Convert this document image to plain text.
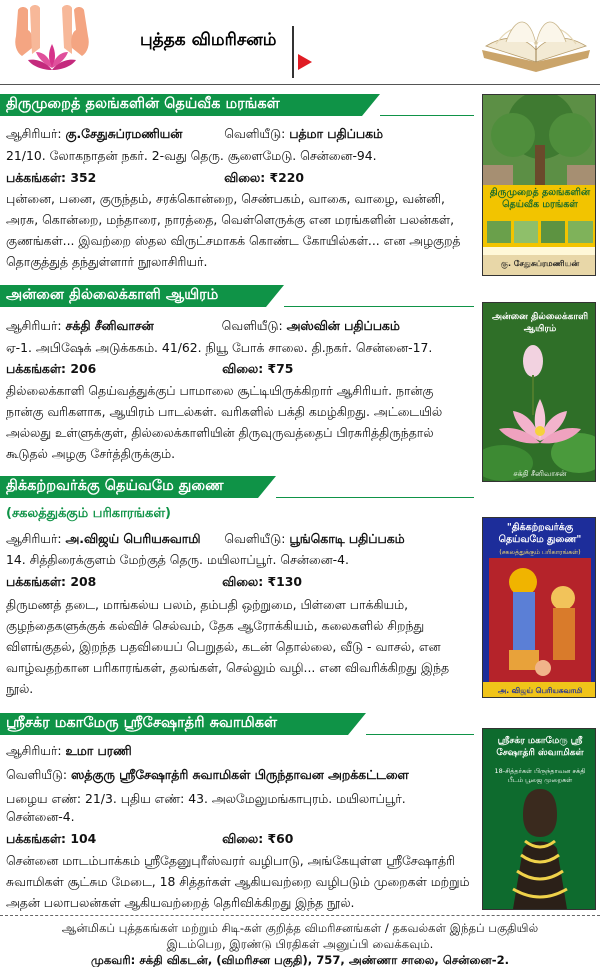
புத்தக விமரிசனம்
திருமுறைத் தலங்களின் தெய்வீக மரங்கள்
ஆசிரியர்: கு.சேதுசுப்ரமணியன்	வெளியீடு: பத்மா பதிப்பகம்
21/10. லோகநாதன் நகர். 2-வது தெரு. சூளைமேடு. சென்னை-94.
பக்கங்கள்: 352	விலை: ₹220
புன்னை, பனை, குருந்தம், சரக்கொன்றை, செண்பகம், வாகை, வாழை, வன்னி, அரசு, கொன்றை, மந்தாரை, நாரத்தை, வெள்ளெருக்கு என மரங்களின் பலன்கள், குணங்கள்... இவற்றை ஸ்தல விருட்சமாகக் கொண்ட கோயில்கள்... என அழகுறத் தொகுத்துத் தந்துள்ளார் நூலாசிரியர்.
திருமுறைத் தலங்களின் தெய்வீக மரங்கள்
கு. சேதுசுப்ரமணியன்
அன்னை தில்லைக்காளி ஆயிரம்
ஆசிரியர்: சக்தி சீனிவாசன்	வெளியீடு: அஸ்வின் பதிப்பகம்
ஏ-1. அபிஷேக் அடுக்ககம். 41/62. நியூ போக் சாலை. தி.நகர். சென்னை-17.
பக்கங்கள்: 206	விலை: ₹75
தில்லைக்காளி தெய்வத்துக்குப் பாமாலை சூட்டியிருக்கிறார் ஆசிரியர். நான்கு நான்கு வரிகளாக, ஆயிரம் பாடல்கள். வரிகளில் பக்தி கமழ்கிறது. அட்டையில் அல்லது உள்ளுக்குள், தில்லைக்காளியின் திருவுருவத்தைப் பிரசுரித்திருந்தால் கூடுதல் அழகு சேர்த்திருக்கும்.
அன்னை தில்லைக்காளி ஆயிரம்
சக்தி சீனிவாசன்
திக்கற்றவர்க்கு தெய்வமே துணை
(சகலத்துக்கும் பரிகாரங்கள்)
ஆசிரியர்: அ.விஜய் பெரியசுவாமி வெளியீடு: பூங்கொடி பதிப்பகம்
14. சித்திரைக்குளம் மேற்குத் தெரு. மயிலாப்பூர். சென்னை-4.
பக்கங்கள்: 208	விலை: ₹130
திருமணத் தடை, மாங்கல்ய பலம், தம்பதி ஒற்றுமை, பிள்ளை பாக்கியம், குழந்தைகளுக்குக் கல்விச் செல்வம், தேக ஆரோக்கியம், கலைகளில் சிறந்து விளங்குதல், இறந்த பதவியைப் பெறுதல், கடன் தொல்லை, வீடு - வாசல், என வாழ்வதற்கான பரிகாரங்கள், தலங்கள், செல்லும் வழி... என விவரிக்கிறது இந்த நூல்.
"திக்கற்றவர்க்கு தெய்வமே துணை"
(சகலத்துக்கும் பரிகாரங்கள்)
அ. விஜய் பெரியசுவாமி
ஸ்ரீசக்ர மகாமேரு ஸ்ரீசேஷாத்ரி சுவாமிகள்
ஆசிரியர்: உமா பரணி
வெளியீடு: ஸத்குரு ஸ்ரீசேஷாத்ரி சுவாமிகள் பிருந்தாவன அறக்கட்டளை
பழைய எண்: 21/3. புதிய எண்: 43. அலமேலுமங்காபுரம். மயிலாப்பூர்.
சென்னை-4.
பக்கங்கள்: 104	விலை: ₹60
சென்னை மாடம்பாக்கம் ஸ்ரீதேனுபுரீஸ்வரர் வழிபாடு, அங்கேயுள்ள ஸ்ரீசேஷாத்ரி சுவாமிகள் சூட்சும மேடை, 18 சித்தர்கள் ஆகியவற்றை வழிபடும் முறைகள் மற்றும் அதன் பலாபலன்கள் ஆகியவற்றைத் தெரிவிக்கிறது இந்த நூல்.
ஸ்ரீசக்ர மகாமேரு ஸ்ரீ சேஷாத்ரி ஸ்வாமிகள்
18-சித்தர்கள் பிருந்தாவன சக்தி பீடம் பூஜை முறைகள்
ஆன்மிகப் புத்தகங்கள் மற்றும் சிடி-கள் குறித்த விமரிசனங்கள் / தகவல்கள் இந்தப் பகுதியில்
இடம்பெற, இரண்டு பிரதிகள் அனுப்பி வைக்கவும்.
முகவரி: சக்தி விகடன், (விமரிசன பகுதி), 757, அண்ணா சாலை, சென்னை-2.
